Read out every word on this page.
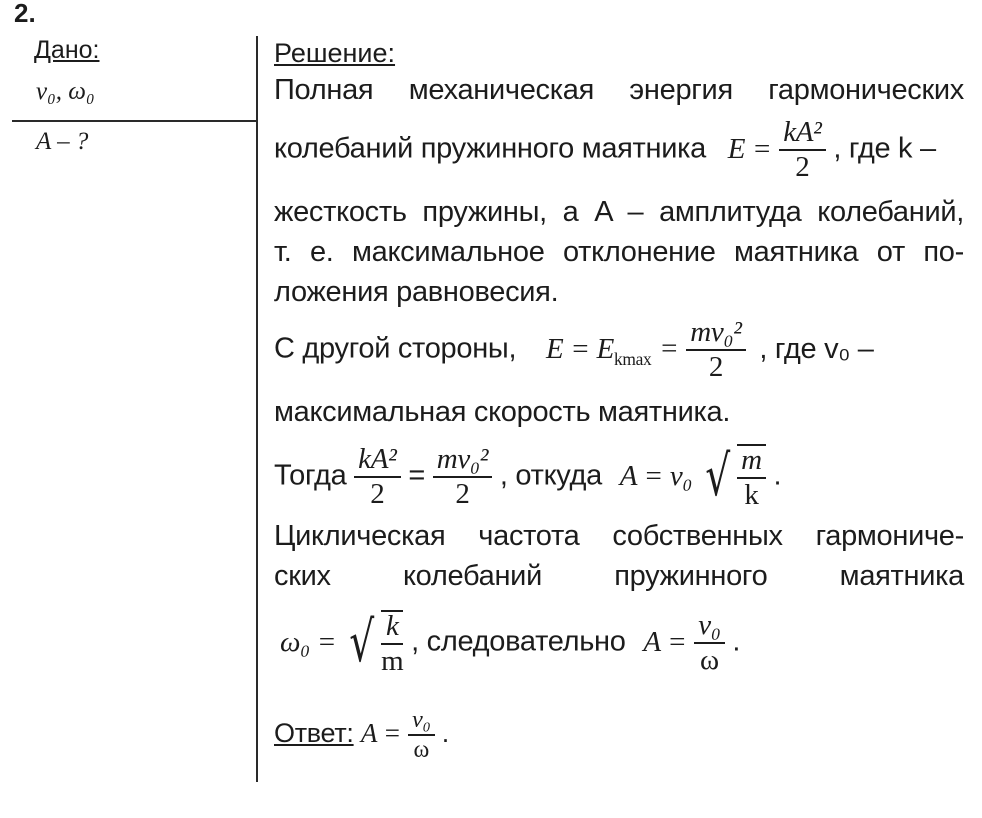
2.
Дано:
v₀, ω₀
A – ?
Решение:
Полная механическая энергия гармонических
колебаний пружинного маятника $E = \frac{\text{kA²}}{2}$ , где k –
жесткость пружины, а A – амплитуда колебаний,
т. е. максимальное отклонение маятника от по-
ложения равновесия.
С другой стороны, $E = E_{kmax} = \frac{\text{mv₀²}}{2}$ , где v₀ –
максимальная скорость маятника.
Тогда $\frac{\text{kA²}}{2} = \frac{\text{mv₀²}}{2}$ , откуда A = v₀ √ $\frac{m}{k}$ .
Циклическая частота собственных гармониче-
ских колебаний пружинного маятника
ω₀ = √ $\frac{k}{m}$ , следовательно $A = \frac{\text{v₀}}{\omega}$ .
Ответ: $A = \frac{\text{v₀}}{\omega}$ .
